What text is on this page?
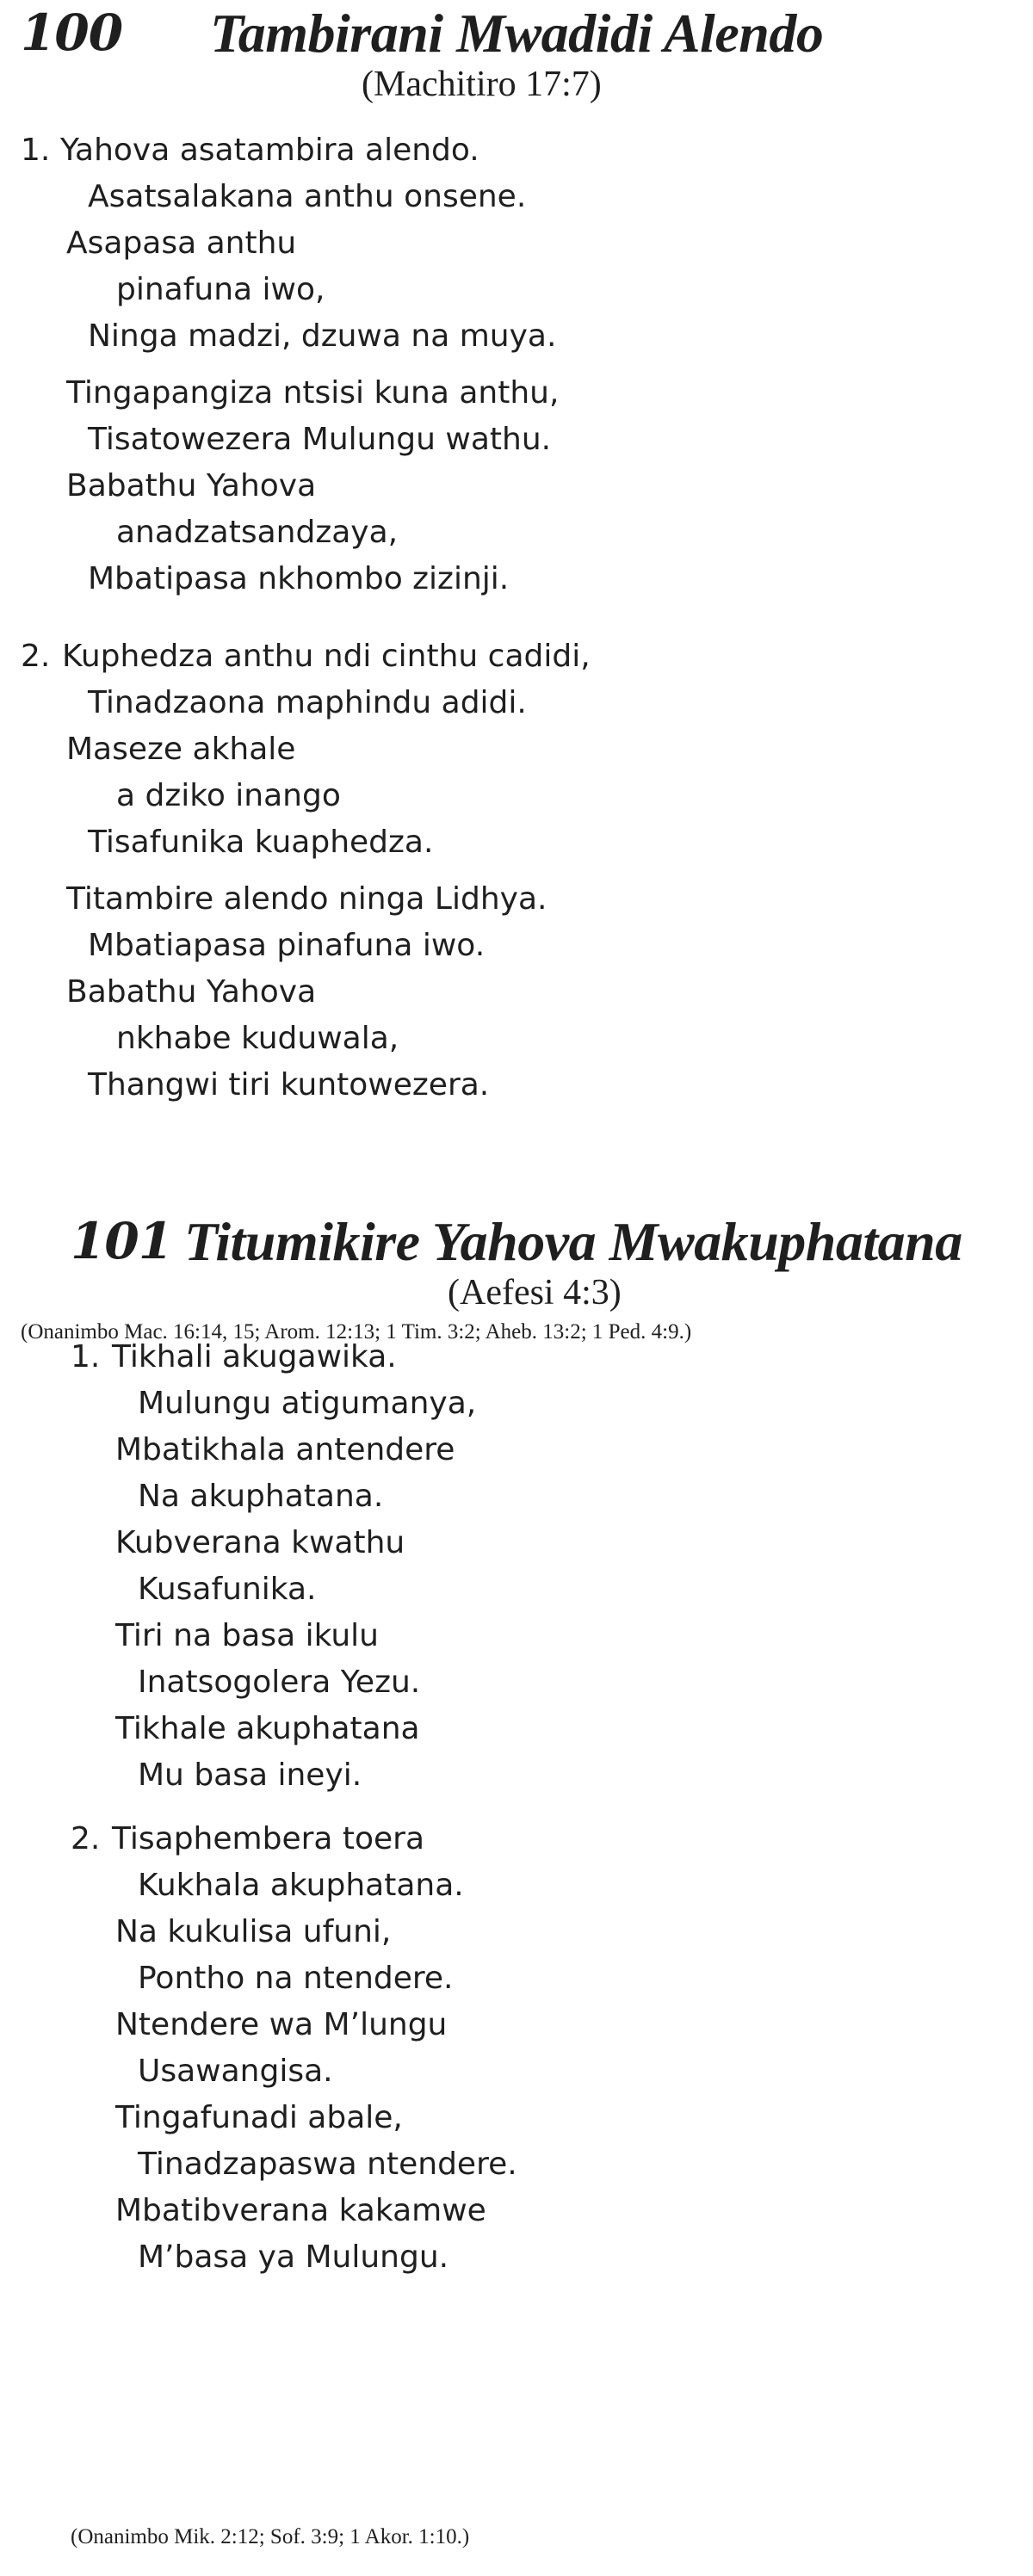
100 Tambirani Mwadidi Alendo
(Machitiro 17:7)
1. Yahova asatambira alendo.
Asatsalakana anthu onsene.
Asapasa anthu
pinafuna iwo,
Ninga madzi, dzuwa na muya.
Tingapangiza ntsisi kuna anthu,
Tisatowezera Mulungu wathu.
Babathu Yahova
anadzatsandzaya,
Mbatipasa nkhombo zizinji.
2. Kuphedza anthu ndi cinthu cadidi,
Tinadzaona maphindu adidi.
Maseze akhale
a dziko inango
Tisafunika kuaphedza.
Titambire alendo ninga Lidhya.
Mbatiapasa pinafuna iwo.
Babathu Yahova
nkhabe kuduwala,
Thangwi tiri kuntowezera.
(Onanimbo Mac. 16:14, 15; Arom. 12:13; 1 Tim. 3:2; Aheb. 13:2; 1 Ped. 4:9.)
101 Titumikire Yahova Mwakuphatana
(Aefesi 4:3)
1. Tikhali akugawika.
Mulungu atigumanya,
Mbatikhala antendere
Na akuphatana.
Kubverana kwathu
Kusafunika.
Tiri na basa ikulu
Inatsogolera Yezu.
Tikhale akuphatana
Mu basa ineyi.
2. Tisaphembera toera
Kukhala akuphatana.
Na kukulisa ufuni,
Pontho na ntendere.
Ntendere wa M’lungu
Usawangisa.
Tingafunadi abale,
Tinadzapaswa ntendere.
Mbatibverana kakamwe
M’basa ya Mulungu.
(Onanimbo Mik. 2:12; Sof. 3:9; 1 Akor. 1:10.)
